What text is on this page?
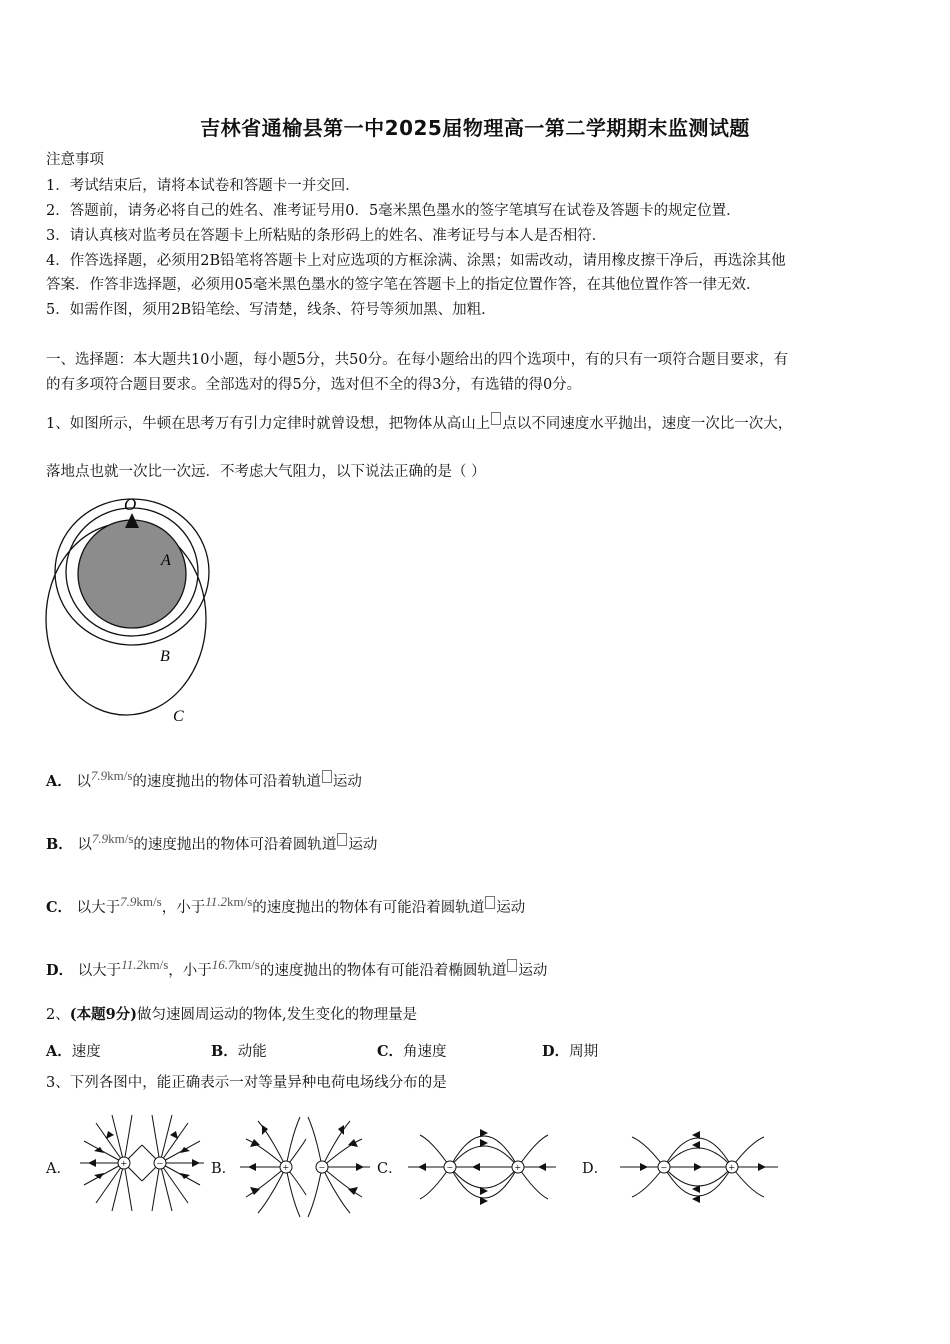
吉林省通榆县第一中2025届物理高一第二学期期末监测试题
注意事项
1．考试结束后，请将本试卷和答题卡一并交回．
2．答题前，请务必将自己的姓名、准考证号用0．5毫米黑色墨水的签字笔填写在试卷及答题卡的规定位置．
3．请认真核对监考员在答题卡上所粘贴的条形码上的姓名、准考证号与本人是否相符．
4．作答选择题，必须用2B铅笔将答题卡上对应选项的方框涂满、涂黑；如需改动，请用橡皮擦干净后，再选涂其他
答案．作答非选择题，必须用05毫米黑色墨水的签字笔在答题卡上的指定位置作答，在其他位置作答一律无效．
5．如需作图，须用2B铅笔绘、写清楚，线条、符号等须加黑、加粗．
一、选择题：本大题共10小题，每小题5分，共50分。在每小题给出的四个选项中，有的只有一项符合题目要求，有
的有多项符合题目要求。全部选对的得5分，选对但不全的得3分，有选错的得0分。
1、如图所示，牛顿在思考万有引力定律时就曾设想，把物体从高山上 点以不同速度水平抛出，速度一次比一次大，
落地点也就一次比一次远．不考虑大气阻力，以下说法正确的是（ ）
O
A
B
C
A． 以7.9km/s的速度抛出的物体可沿着轨道 运动
B． 以7.9km/s的速度抛出的物体可沿着圆轨道 运动
C． 以大于7.9km/s，小于11.2km/s的速度抛出的物体有可能沿着圆轨道 运动
D． 以大于11.2km/s，小于16.7km/s的速度抛出的物体有可能沿着椭圆轨道 运动
2、(本题9分)做匀速圆周运动的物体,发生变化的物理量是
A．速度	B．动能	C．角速度	D．周期
3、下列各图中，能正确表示一对等量异种电荷电场线分布的是
A．	B．	C．	D．
+	−	+	−	−	+	−	+
